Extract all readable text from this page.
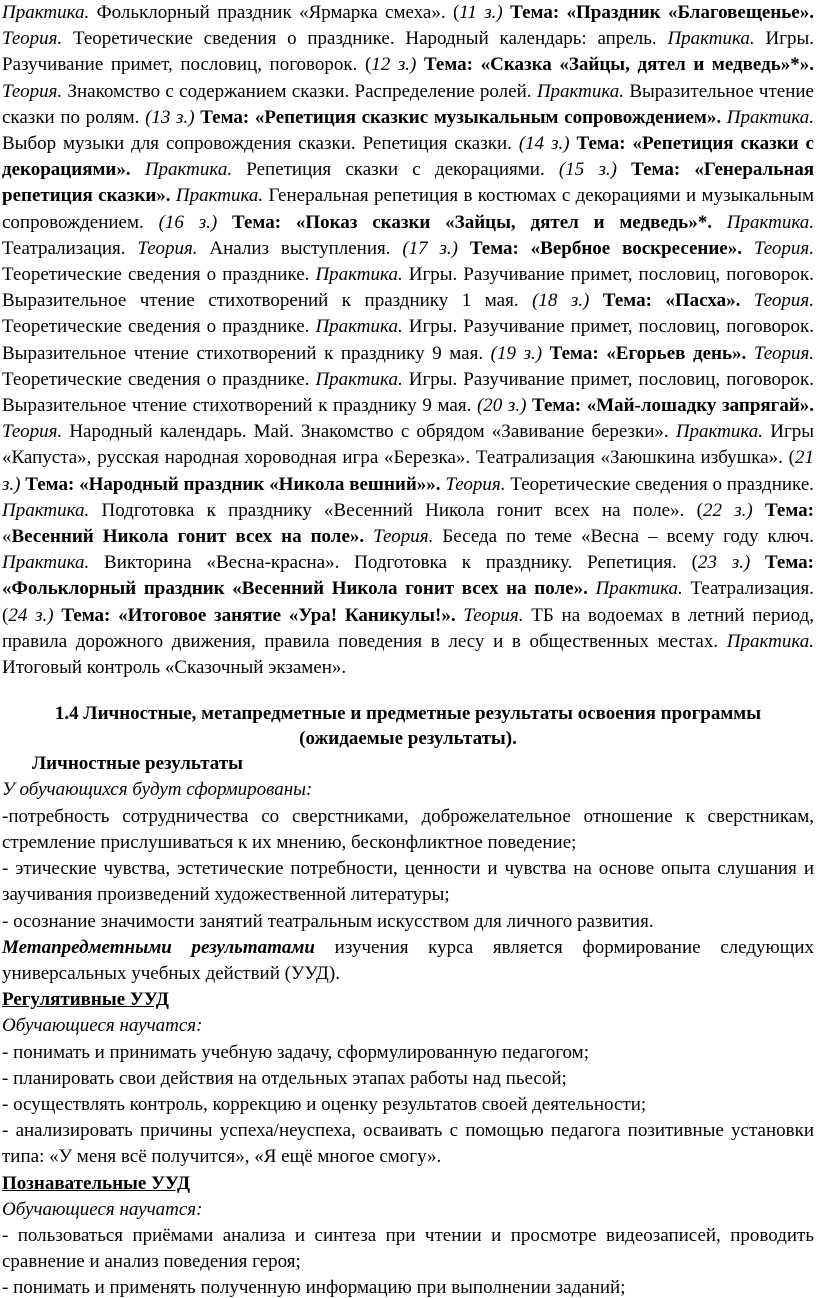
Практика. Фольклорный праздник «Ярмарка смеха». (11 з.) Тема: «Праздник «Благовещенье». Теория. Теоретические сведения о празднике. Народный календарь: апрель. Практика. Игры. Разучивание примет, пословиц, поговорок. (12 з.) Тема: «Сказка «Зайцы, дятел и медведь»*». Теория. Знакомство с содержанием сказки. Распределение ролей. Практика. Выразительное чтение сказки по ролям. (13 з.) Тема: «Репетиция сказкис музыкальным сопровождением». Практика. Выбор музыки для сопровождения сказки. Репетиция сказки. (14 з.) Тема: «Репетиция сказки с декорациями». Практика. Репетиция сказки с декорациями. (15 з.) Тема: «Генеральная репетиция сказки». Практика. Генеральная репетиция в костюмах с декорациями и музыкальным сопровождением. (16 з.) Тема: «Показ сказки «Зайцы, дятел и медведь»*. Практика. Театрализация. Теория. Анализ выступления. (17 з.) Тема: «Вербное воскресение». Теория. Теоретические сведения о празднике. Практика. Игры. Разучивание примет, пословиц, поговорок. Выразительное чтение стихотворений к празднику 1 мая. (18 з.) Тема: «Пасха». Теория. Теоретические сведения о празднике. Практика. Игры. Разучивание примет, пословиц, поговорок. Выразительное чтение стихотворений к празднику 9 мая. (19 з.) Тема: «Егорьев день». Теория. Теоретические сведения о празднике. Практика. Игры. Разучивание примет, пословиц, поговорок. Выразительное чтение стихотворений к празднику 9 мая. (20 з.) Тема: «Май-лошадку запрягай». Теория. Народный календарь. Май. Знакомство с обрядом «Завивание березки». Практика. Игры «Капуста», русская народная хороводная игра «Березка». Театрализация «Заюшкина избушка». (21 з.) Тема: «Народный праздник «Никола вешний»». Теория. Теоретические сведения о празднике. Практика. Подготовка к празднику «Весенний Никола гонит всех на поле». (22 з.) Тема: «Весенний Никола гонит всех на поле». Теория. Беседа по теме «Весна – всему году ключ. Практика. Викторина «Весна-красна». Подготовка к празднику. Репетиция. (23 з.) Тема: «Фольклорный праздник «Весенний Никола гонит всех на поле». Практика. Театрализация. (24 з.) Тема: «Итоговое занятие «Ура! Каникулы!». Теория. ТБ на водоемах в летний период, правила дорожного движения, правила поведения в лесу и в общественных местах. Практика. Итоговый контроль «Сказочный экзамен».

1.4 Личностные, метапредметные и предметные результаты освоения программы
(ожидаемые результаты).

Личностные результаты

У обучающихся будут сформированы:

-потребность сотрудничества со сверстниками, доброжелательное отношение к сверстникам, стремление прислушиваться к их мнению, бесконфликтное поведение;

- этические чувства, эстетические потребности, ценности и чувства на основе опыта слушания и заучивания произведений художественной литературы;

- осознание значимости занятий театральным искусством для личного развития.

Метапредметными результатами изучения курса является формирование следующих универсальных учебных действий (УУД).

Регулятивные УУД

Обучающиеся научатся:

- понимать и принимать учебную задачу, сформулированную педагогом;

- планировать свои действия на отдельных этапах работы над пьесой;

- осуществлять контроль, коррекцию и оценку результатов своей деятельности;

- анализировать причины успеха/неуспеха, осваивать с помощью педагога позитивные установки типа: «У меня всё получится», «Я ещё многое смогу».

Познавательные УУД

Обучающиеся научатся:

- пользоваться приёмами анализа и синтеза при чтении и просмотре видеозаписей, проводить сравнение и анализ поведения героя;

- понимать и применять полученную информацию при выполнении заданий;
